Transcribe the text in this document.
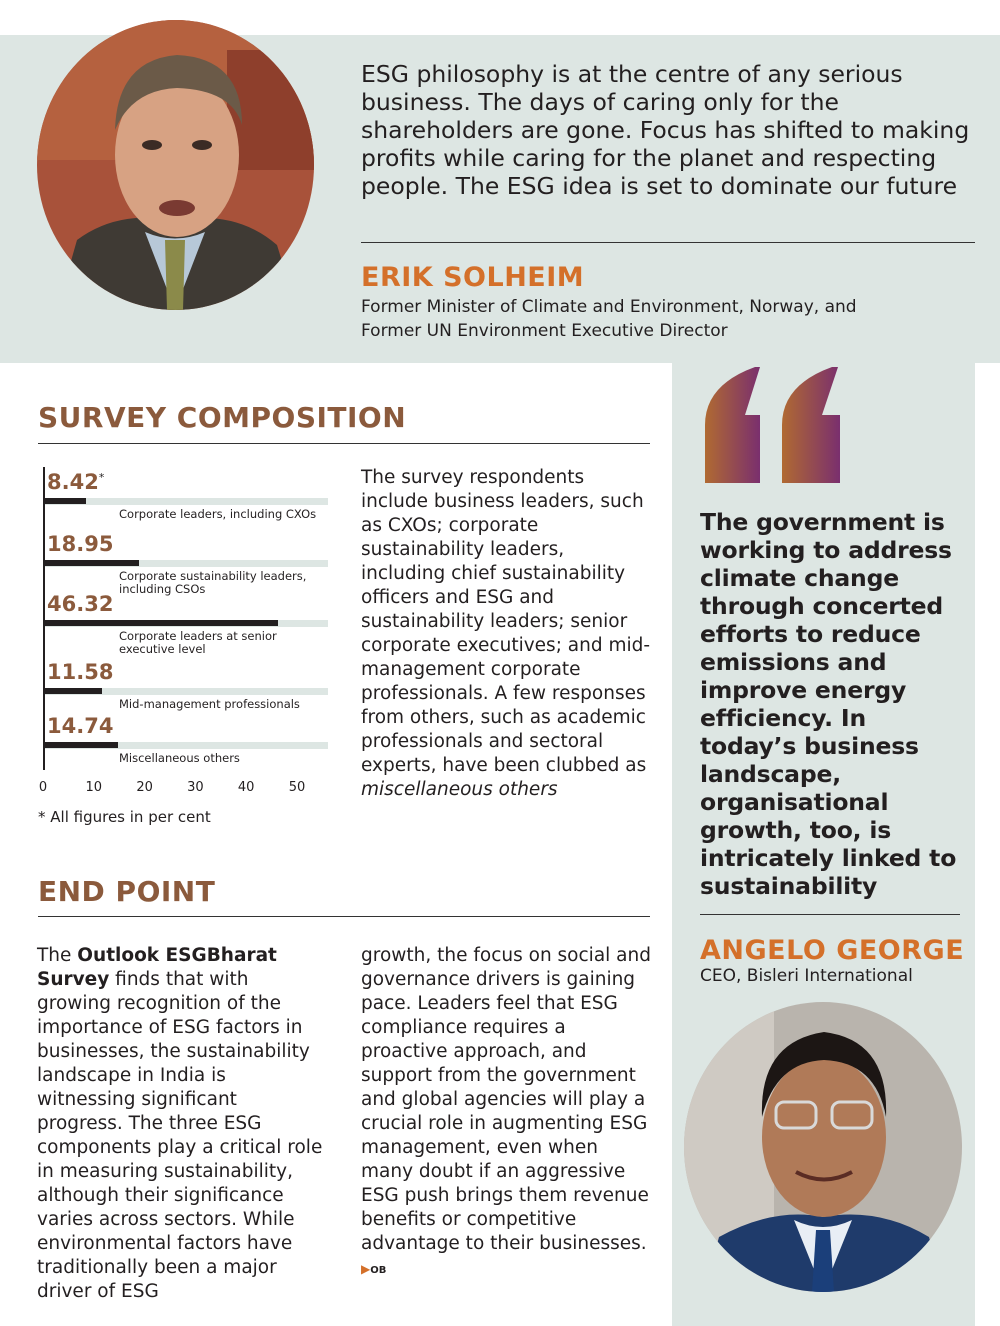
ESG philosophy is at the centre of any serious business. The days of caring only for the shareholders are gone. Focus has shifted to making profits while caring for the planet and respecting people. The ESG idea is set to dominate our future
ERIK SOLHEIM
Former Minister of Climate and Environment, Norway, and
Former UN Environment Executive Director
The government is working to address climate change through concerted efforts to reduce emissions and improve energy efficiency. In today’s business landscape, organisational growth, too, is intricately linked to sustainability
ANGELO GEORGE
CEO, Bisleri International
SURVEY COMPOSITION
8.42*
Corporate leaders, including CXOs
18.95
Corporate sustainability leaders, including CSOs
46.32
Corporate leaders at senior executive level
11.58
Mid-management professionals
14.74
Miscellaneous others
0	10	20	30	40	50
* All figures in per cent
The survey respondents include business leaders, such as CXOs; corporate sustainability leaders, including chief sustainability officers and ESG and sustainability leaders; senior corporate executives; and mid-management corporate professionals. A few responses from others, such as academic professionals and sectoral experts, have been clubbed as miscellaneous others
END POINT
The Outlook ESGBharat Survey finds that with growing recognition of the importance of ESG factors in businesses, the sustainability landscape in India is witnessing significant progress. The three ESG components play a critical role in measuring sustainability, although their significance varies across sectors. While environmental factors have traditionally been a major driver of ESG
growth, the focus on social and governance drivers is gaining pace. Leaders feel that ESG compliance requires a proactive approach, and support from the government and global agencies will play a crucial role in augmenting ESG management, even when many doubt if an aggressive ESG push brings them revenue benefits or competitive advantage to their businesses. ▶OB
